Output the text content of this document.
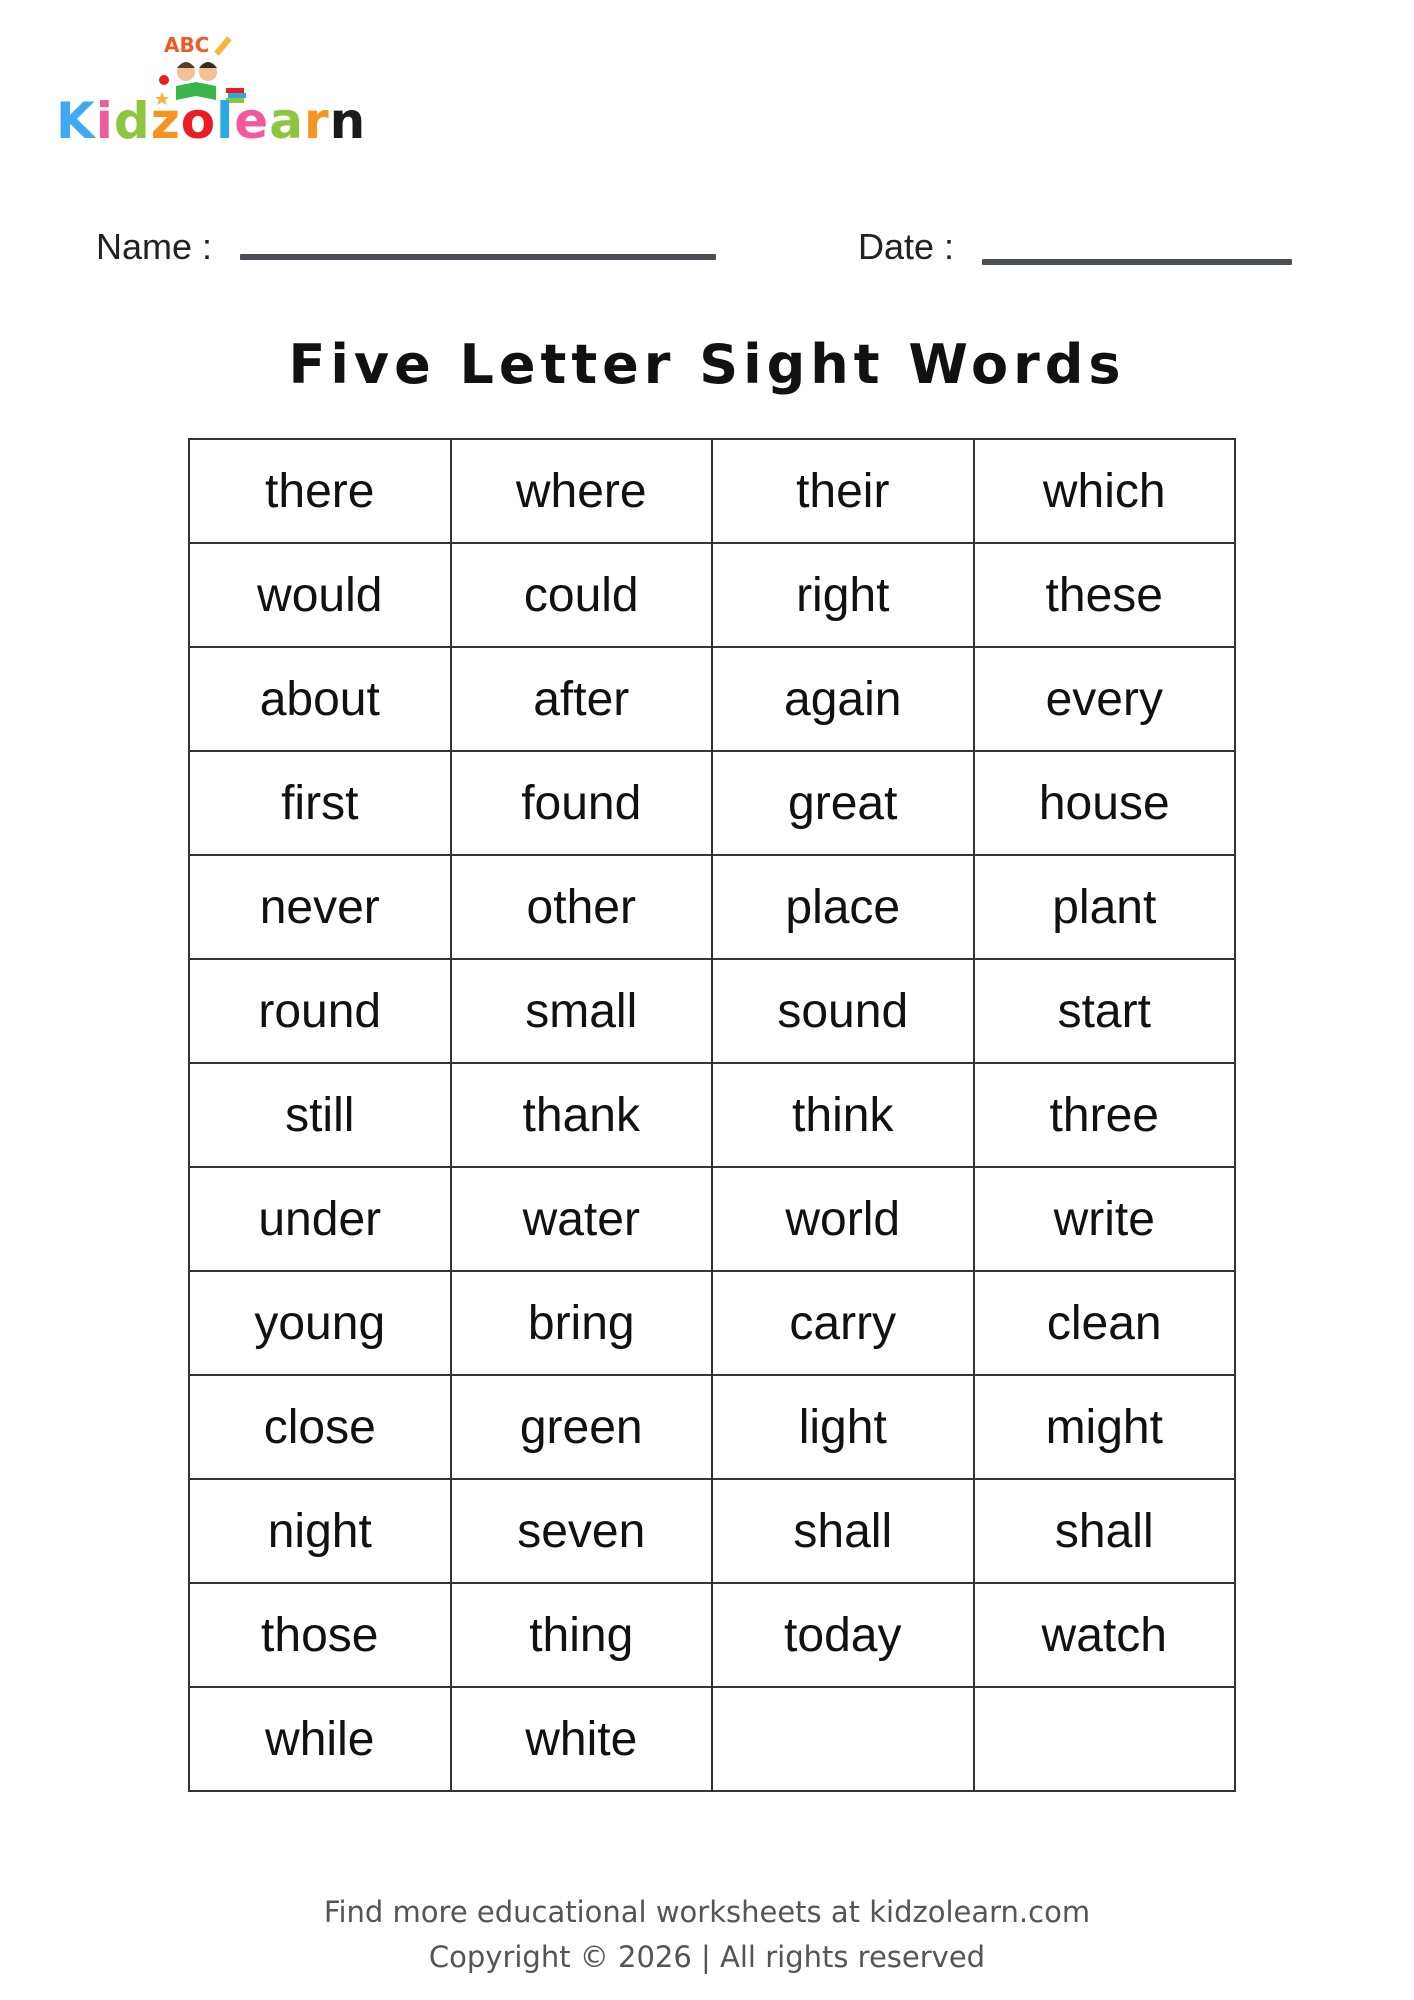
ABC
Kidzolearn
Name :	Date :
Five Letter Sight Words
there	where	their	which
would	could	right	these
about	after	again	every
first	found	great	house
never	other	place	plant
round	small	sound	start
still	thank	think	three
under	water	world	write
young	bring	carry	clean
close	green	light	might
night	seven	shall	shall
those	thing	today	watch
while	white		
Find more educational worksheets at kidzolearn.com
Copyright © 2026 | All rights reserved
